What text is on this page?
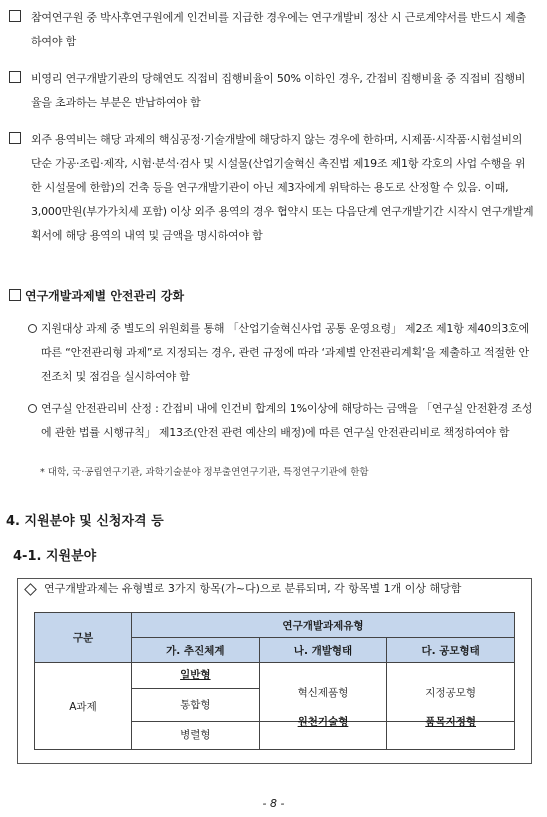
참여연구원 중 박사후연구원에게 인건비를 지급한 경우에는 연구개발비 정산 시 근로계약서를 반드시 제출하여야 함
비영리 연구개발기관의 당해연도 직접비 집행비율이 50% 이하인 경우, 간접비 집행비율 중 직접비 집행비율을 초과하는 부분은 반납하여야 함
외주 용역비는 해당 과제의 핵심공정·기술개발에 해당하지 않는 경우에 한하며, 시제품·시작품·시험설비의 단순 가공·조립·제작, 시험·분석·검사 및 시설물(산업기술혁신 촉진법 제19조 제1항 각호의 사업 수행을 위한 시설물에 한함)의 건축 등을 연구개발기관이 아닌 제3자에게 위탁하는 용도로 산정할 수 있음. 이때, 3,000만원(부가가치세 포함) 이상 외주 용역의 경우 협약시 또는 다음단계 연구개발기간 시작시 연구개발계획서에 해당 용역의 내역 및 금액을 명시하여야 함
연구개발과제별 안전관리 강화
지원대상 과제 중 별도의 위원회를 통해 「산업기술혁신사업 공통 운영요령」 제2조 제1항 제40의3호에 따른 “안전관리형 과제”로 지정되는 경우, 관련 규정에 따라 ‘과제별 안전관리계획’을 제출하고 적절한 안전조치 및 점검을 실시하여야 함
연구실 안전관리비 산정 : 간접비 내에 인건비 합계의 1%이상에 해당하는 금액을 「연구실 안전환경 조성에 관한 법률 시행규칙」 제13조(안전 관련 예산의 배정)에 따른 연구실 안전관리비로 책정하여야 함
* 대학, 국·공립연구기관, 과학기술분야 정부출연연구기관, 특정연구기관에 한함
4. 지원분야 및 신청자격 등
4-1. 지원분야
연구개발과제는 유형별로 3가지 항목(가~다)으로 분류되며, 각 항목별 1개 이상 해당함
구분	연구개발과제유형		
	가. 추진체계	나. 개발형태	다. 공모형태
A과제	일반형	혁신제품형	지정공모형
	통합형		
	병렬형	원천기술형	품목지정형
- 8 -
